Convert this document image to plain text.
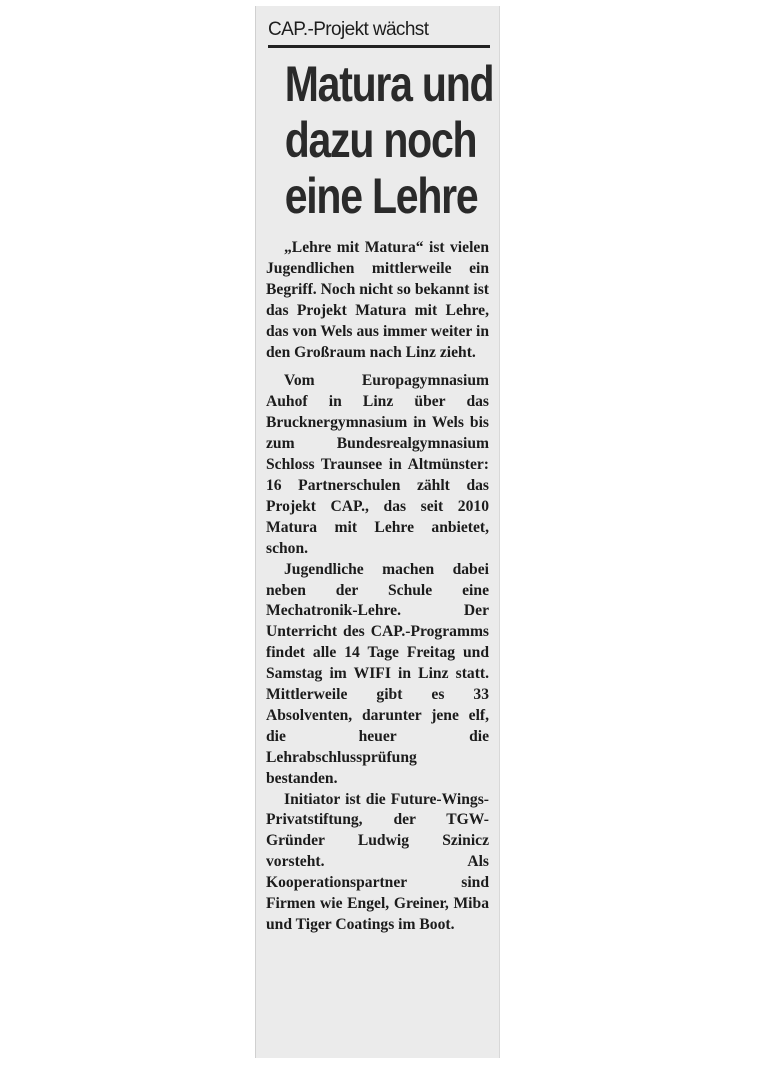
CAP.-Projekt wächst
Matura und
dazu noch
eine Lehre

„Lehre mit Matura“ ist vielen Jugendlichen mittlerweile ein Begriff. Noch nicht so bekannt ist das Projekt Matura mit Lehre, das von Wels aus immer weiter in den Großraum nach Linz zieht.

Vom Europagymnasium Auhof in Linz über das Brucknergymnasium in Wels bis zum Bundesrealgymnasium Schloss Traunsee in Altmünster: 16 Partnerschulen zählt das Projekt CAP., das seit 2010 Matura mit Lehre anbietet, schon.

Jugendliche machen dabei neben der Schule eine Mechatronik-Lehre. Der Unterricht des CAP.-Programms findet alle 14 Tage Freitag und Samstag im WIFI in Linz statt. Mittlerweile gibt es 33 Absolventen, darunter jene elf, die heuer die Lehrabschlussprüfung bestanden.

Initiator ist die Future-Wings-Privatstiftung, der TGW-Gründer Ludwig Szinicz vorsteht. Als Kooperationspartner sind Firmen wie Engel, Greiner, Miba und Tiger Coatings im Boot.
